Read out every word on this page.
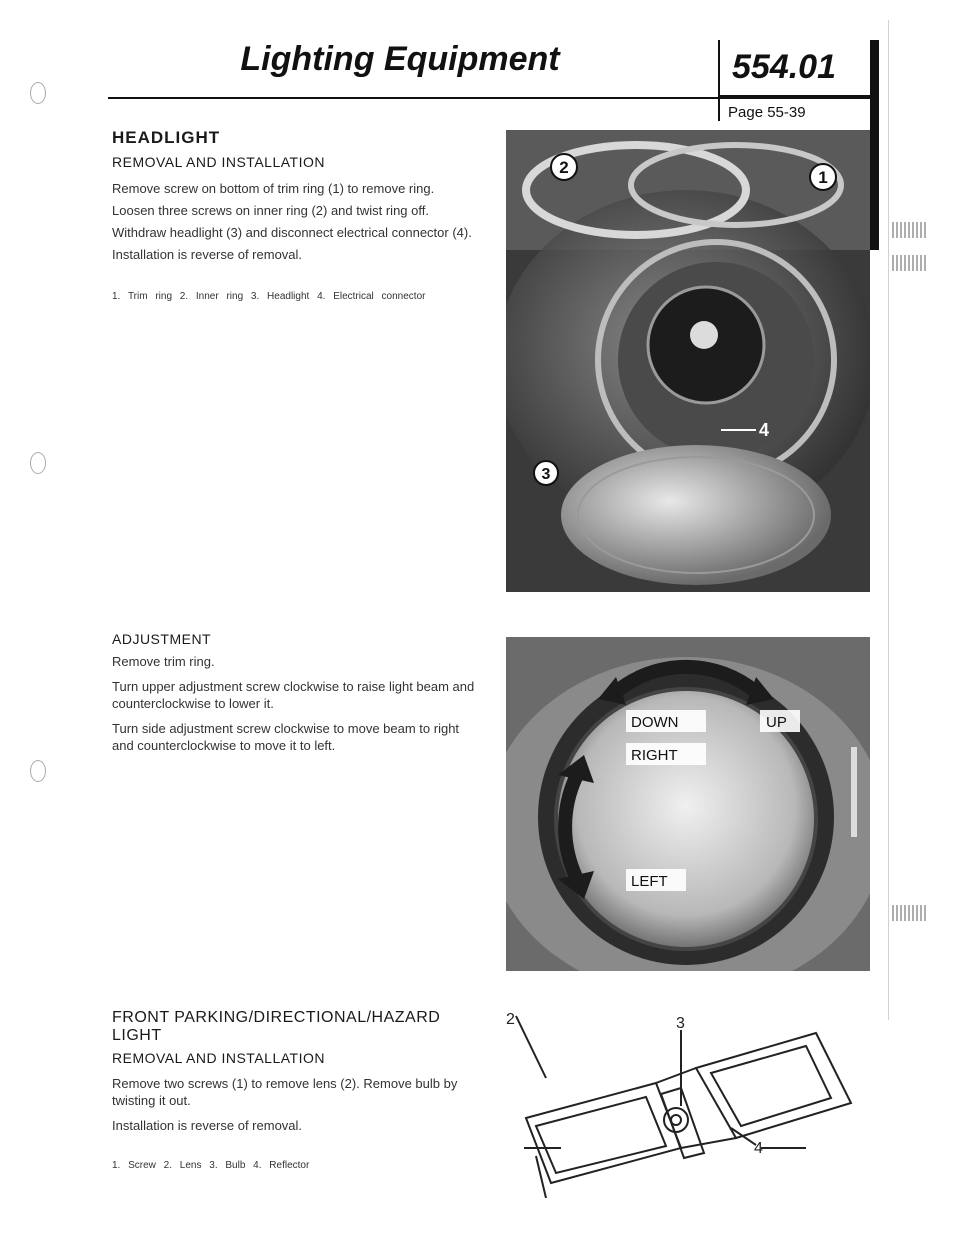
Lighting Equipment	554.01
Page 55-39
HEADLIGHT
REMOVAL AND INSTALLATION
Remove screw on bottom of trim ring (1) to remove ring.
Loosen three screws on inner ring (2) and twist ring off.
Withdraw headlight (3) and disconnect electrical connector (4).
Installation is reverse of removal.
1. Trim ring 2. Inner ring 3. Headlight 4. Electrical connector
2
1
4
3
ADJUSTMENT
Remove trim ring.
Turn upper adjustment screw clockwise to raise light beam and counterclockwise to lower it.
Turn side adjustment screw clockwise to move beam to right and counterclockwise to move it to left.
DOWN	UP
RIGHT
LEFT
FRONT PARKING/DIRECTIONAL/HAZARD LIGHT
REMOVAL AND INSTALLATION
Remove two screws (1) to remove lens (2). Remove bulb by twisting it out.
Installation is reverse of removal.
1. Screw 2. Lens 3. Bulb 4. Reflector
2	3
4
